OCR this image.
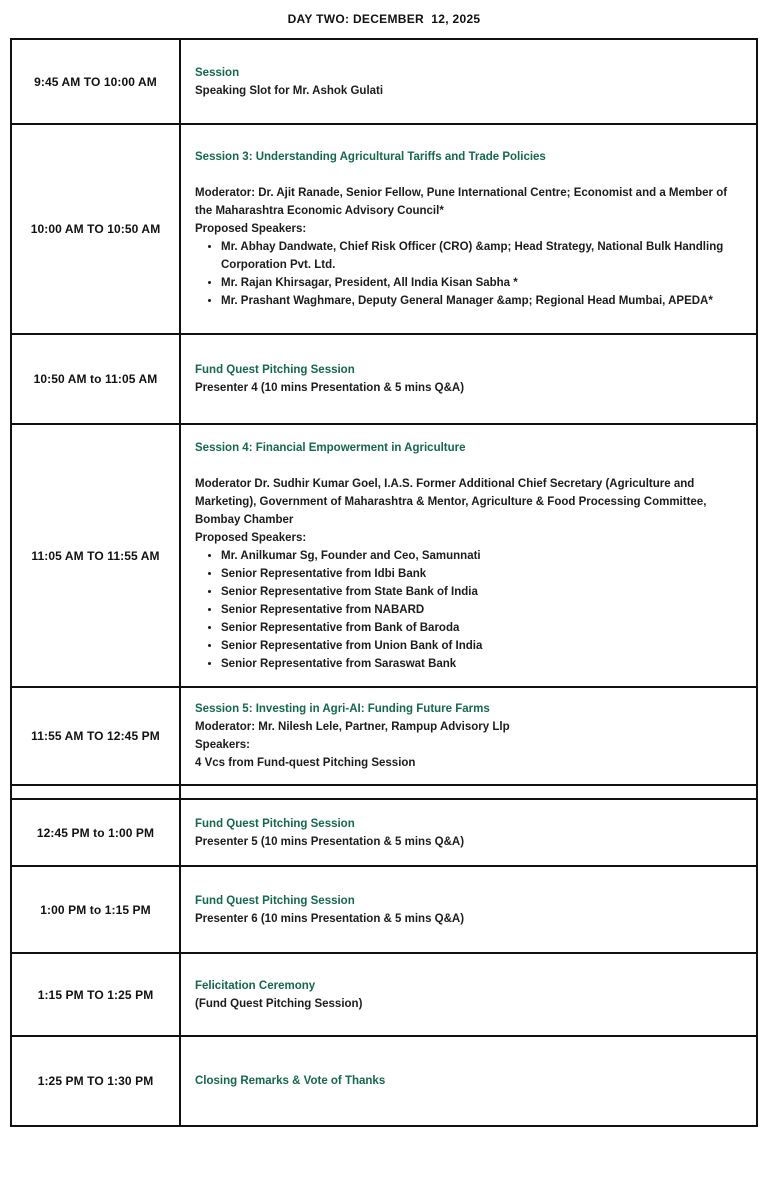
DAY TWO: DECEMBER  12, 2025
9:45 AM TO 10:00 AM
Session
Speaking Slot for Mr. Ashok Gulati
10:00 AM TO 10:50 AM
Session 3: Understanding Agricultural Tariffs and Trade Policies
Moderator: Dr. Ajit Ranade, Senior Fellow, Pune International Centre; Economist and a Member of the Maharashtra Economic Advisory Council*
Proposed Speakers:
• Mr. Abhay Dandwate, Chief Risk Officer (CRO) &amp; Head Strategy, National Bulk Handling Corporation Pvt. Ltd.
• Mr. Rajan Khirsagar, President, All India Kisan Sabha *
• Mr. Prashant Waghmare, Deputy General Manager &amp; Regional Head Mumbai, APEDA*
10:50 AM to 11:05 AM
Fund Quest Pitching Session
Presenter 4 (10 mins Presentation & 5 mins Q&A)
11:05 AM TO 11:55 AM
Session 4: Financial Empowerment in Agriculture
Moderator Dr. Sudhir Kumar Goel, I.A.S. Former Additional Chief Secretary (Agriculture and Marketing), Government of Maharashtra & Mentor, Agriculture & Food Processing Committee, Bombay Chamber
Proposed Speakers:
• Mr. Anilkumar Sg, Founder and Ceo, Samunnati
• Senior Representative from Idbi Bank
• Senior Representative from State Bank of India
• Senior Representative from NABARD
• Senior Representative from Bank of Baroda
• Senior Representative from Union Bank of India
• Senior Representative from Saraswat Bank
11:55 AM TO 12:45 PM
Session 5: Investing in Agri-AI: Funding Future Farms
Moderator: Mr. Nilesh Lele, Partner, Rampup Advisory Llp
Speakers:
4 Vcs from Fund-quest Pitching Session
12:45 PM to 1:00 PM
Fund Quest Pitching Session
Presenter 5 (10 mins Presentation & 5 mins Q&A)
1:00 PM to 1:15 PM
Fund Quest Pitching Session
Presenter 6 (10 mins Presentation & 5 mins Q&A)
1:15 PM TO 1:25 PM
Felicitation Ceremony
(Fund Quest Pitching Session)
1:25 PM TO 1:30 PM	Closing Remarks & Vote of Thanks
